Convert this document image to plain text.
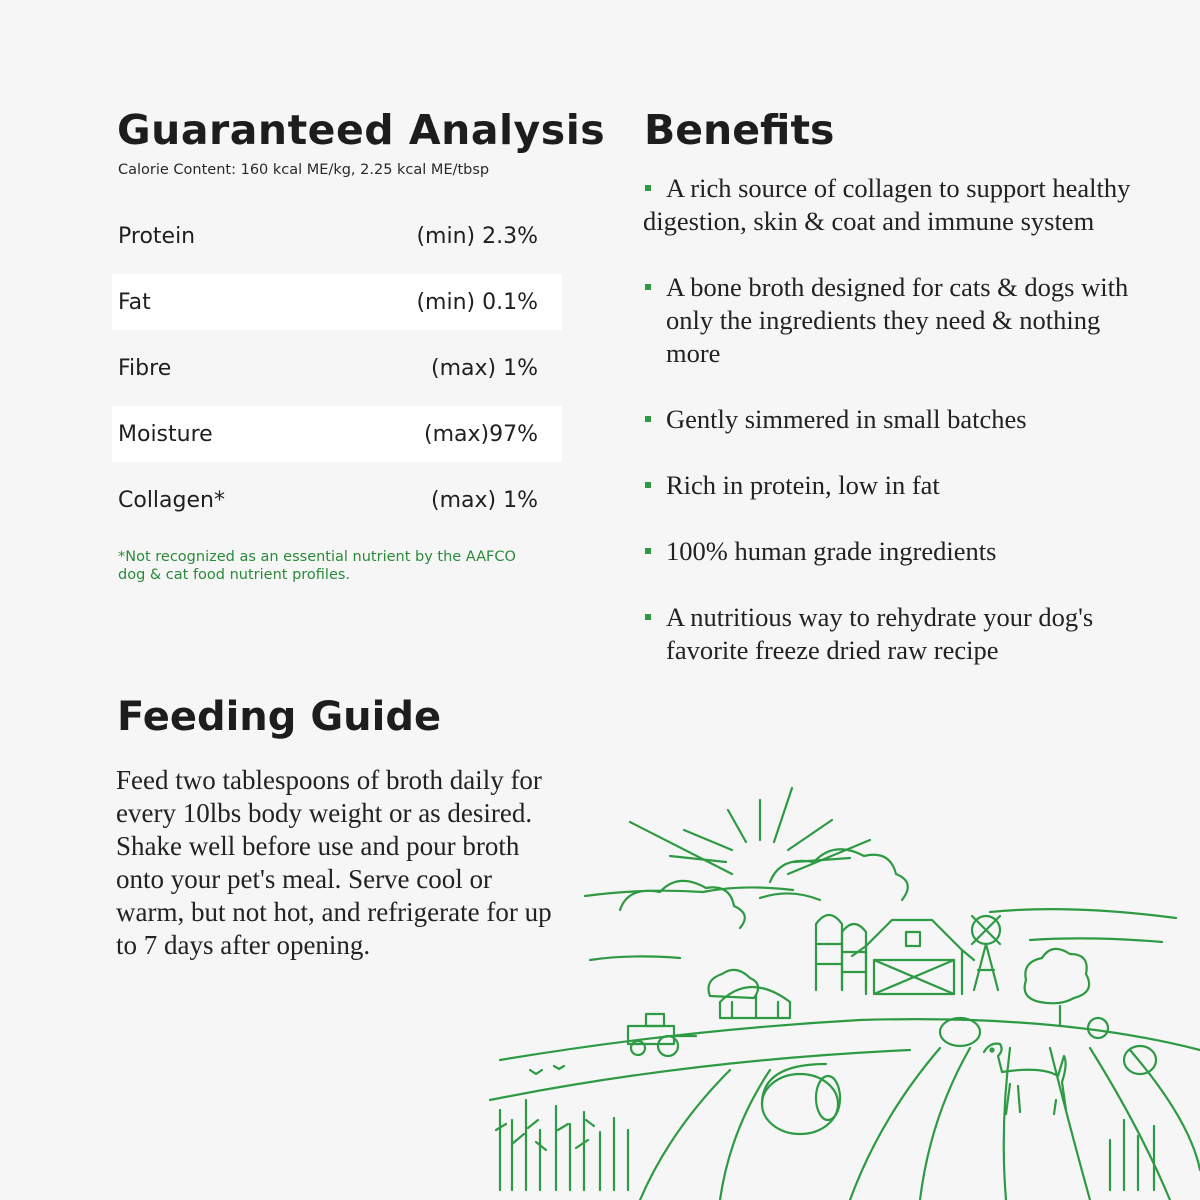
Guaranteed Analysis
Calorie Content: 160 kcal ME/kg, 2.25 kcal ME/tbsp
Protein	(min) 2.3%
Fat	(min) 0.1%
Fibre	(max) 1%
Moisture	(max)97%
Collagen*	(max) 1%
*Not recognized as an essential nutrient by the AAFCO dog & cat food nutrient profiles.
Feeding Guide

Feed two tablespoons of broth daily for every 10lbs body weight or as desired. Shake well before use and pour broth onto your pet's meal. Serve cool or warm, but not hot, and refrigerate for up to 7 days after opening.

Benefits
A rich source of collagen to support healthy digestion, skin & coat and immune system
A bone broth designed for cats & dogs with only the ingredients they need & nothing more
Gently simmered in small batches
Rich in protein, low in fat
100% human grade ingredients
A nutritious way to rehydrate your dog's favorite freeze dried raw recipe
